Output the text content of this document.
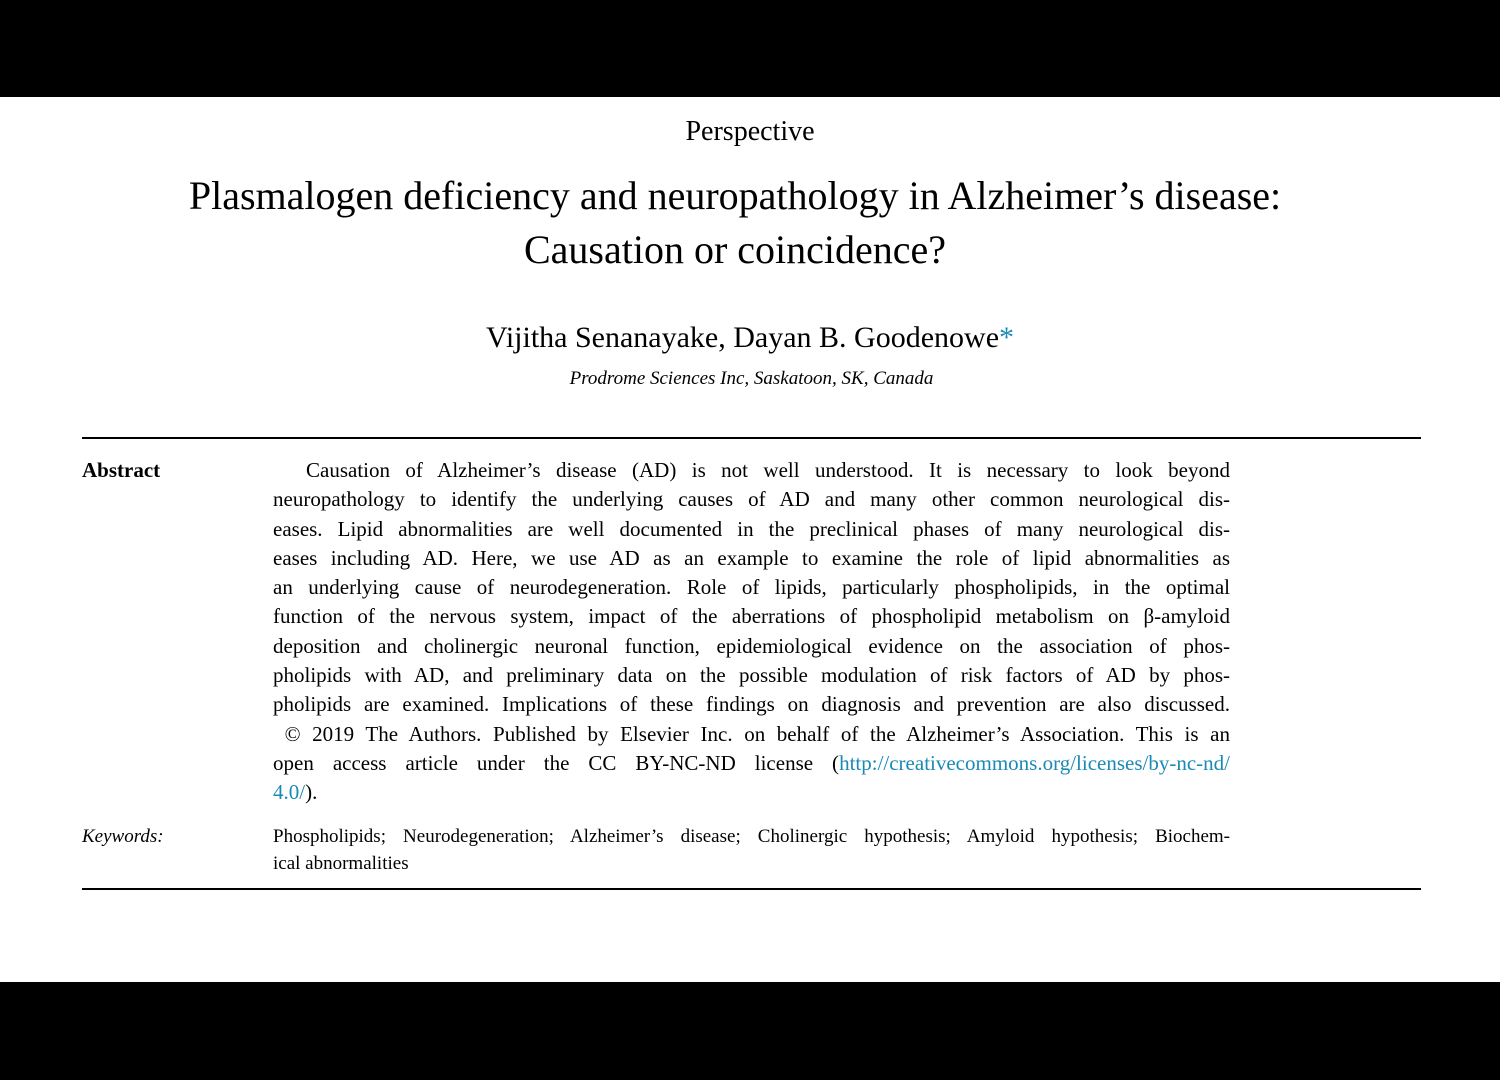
Perspective
Plasmalogen deficiency and neuropathology in Alzheimer’s disease:
Causation or coincidence?
Vijitha Senanayake, Dayan B. Goodenowe*
Prodrome Sciences Inc, Saskatoon, SK, Canada
Abstract	Causation of Alzheimer’s disease (AD) is not well understood. It is necessary to look beyond
neuropathology to identify the underlying causes of AD and many other common neurological dis-
eases. Lipid abnormalities are well documented in the preclinical phases of many neurological dis-
eases including AD. Here, we use AD as an example to examine the role of lipid abnormalities as
an underlying cause of neurodegeneration. Role of lipids, particularly phospholipids, in the optimal
function of the nervous system, impact of the aberrations of phospholipid metabolism on β-amyloid
deposition and cholinergic neuronal function, epidemiological evidence on the association of phos-
pholipids with AD, and preliminary data on the possible modulation of risk factors of AD by phos-
pholipids are examined. Implications of these findings on diagnosis and prevention are also discussed.
© 2019 The Authors. Published by Elsevier Inc. on behalf of the Alzheimer’s Association. This is an
open access article under the CC BY-NC-ND license (http://creativecommons.org/licenses/by-nc-nd/
4.0/).
Keywords:	Phospholipids; Neurodegeneration; Alzheimer’s disease; Cholinergic hypothesis; Amyloid hypothesis; Biochem-
ical abnormalities
